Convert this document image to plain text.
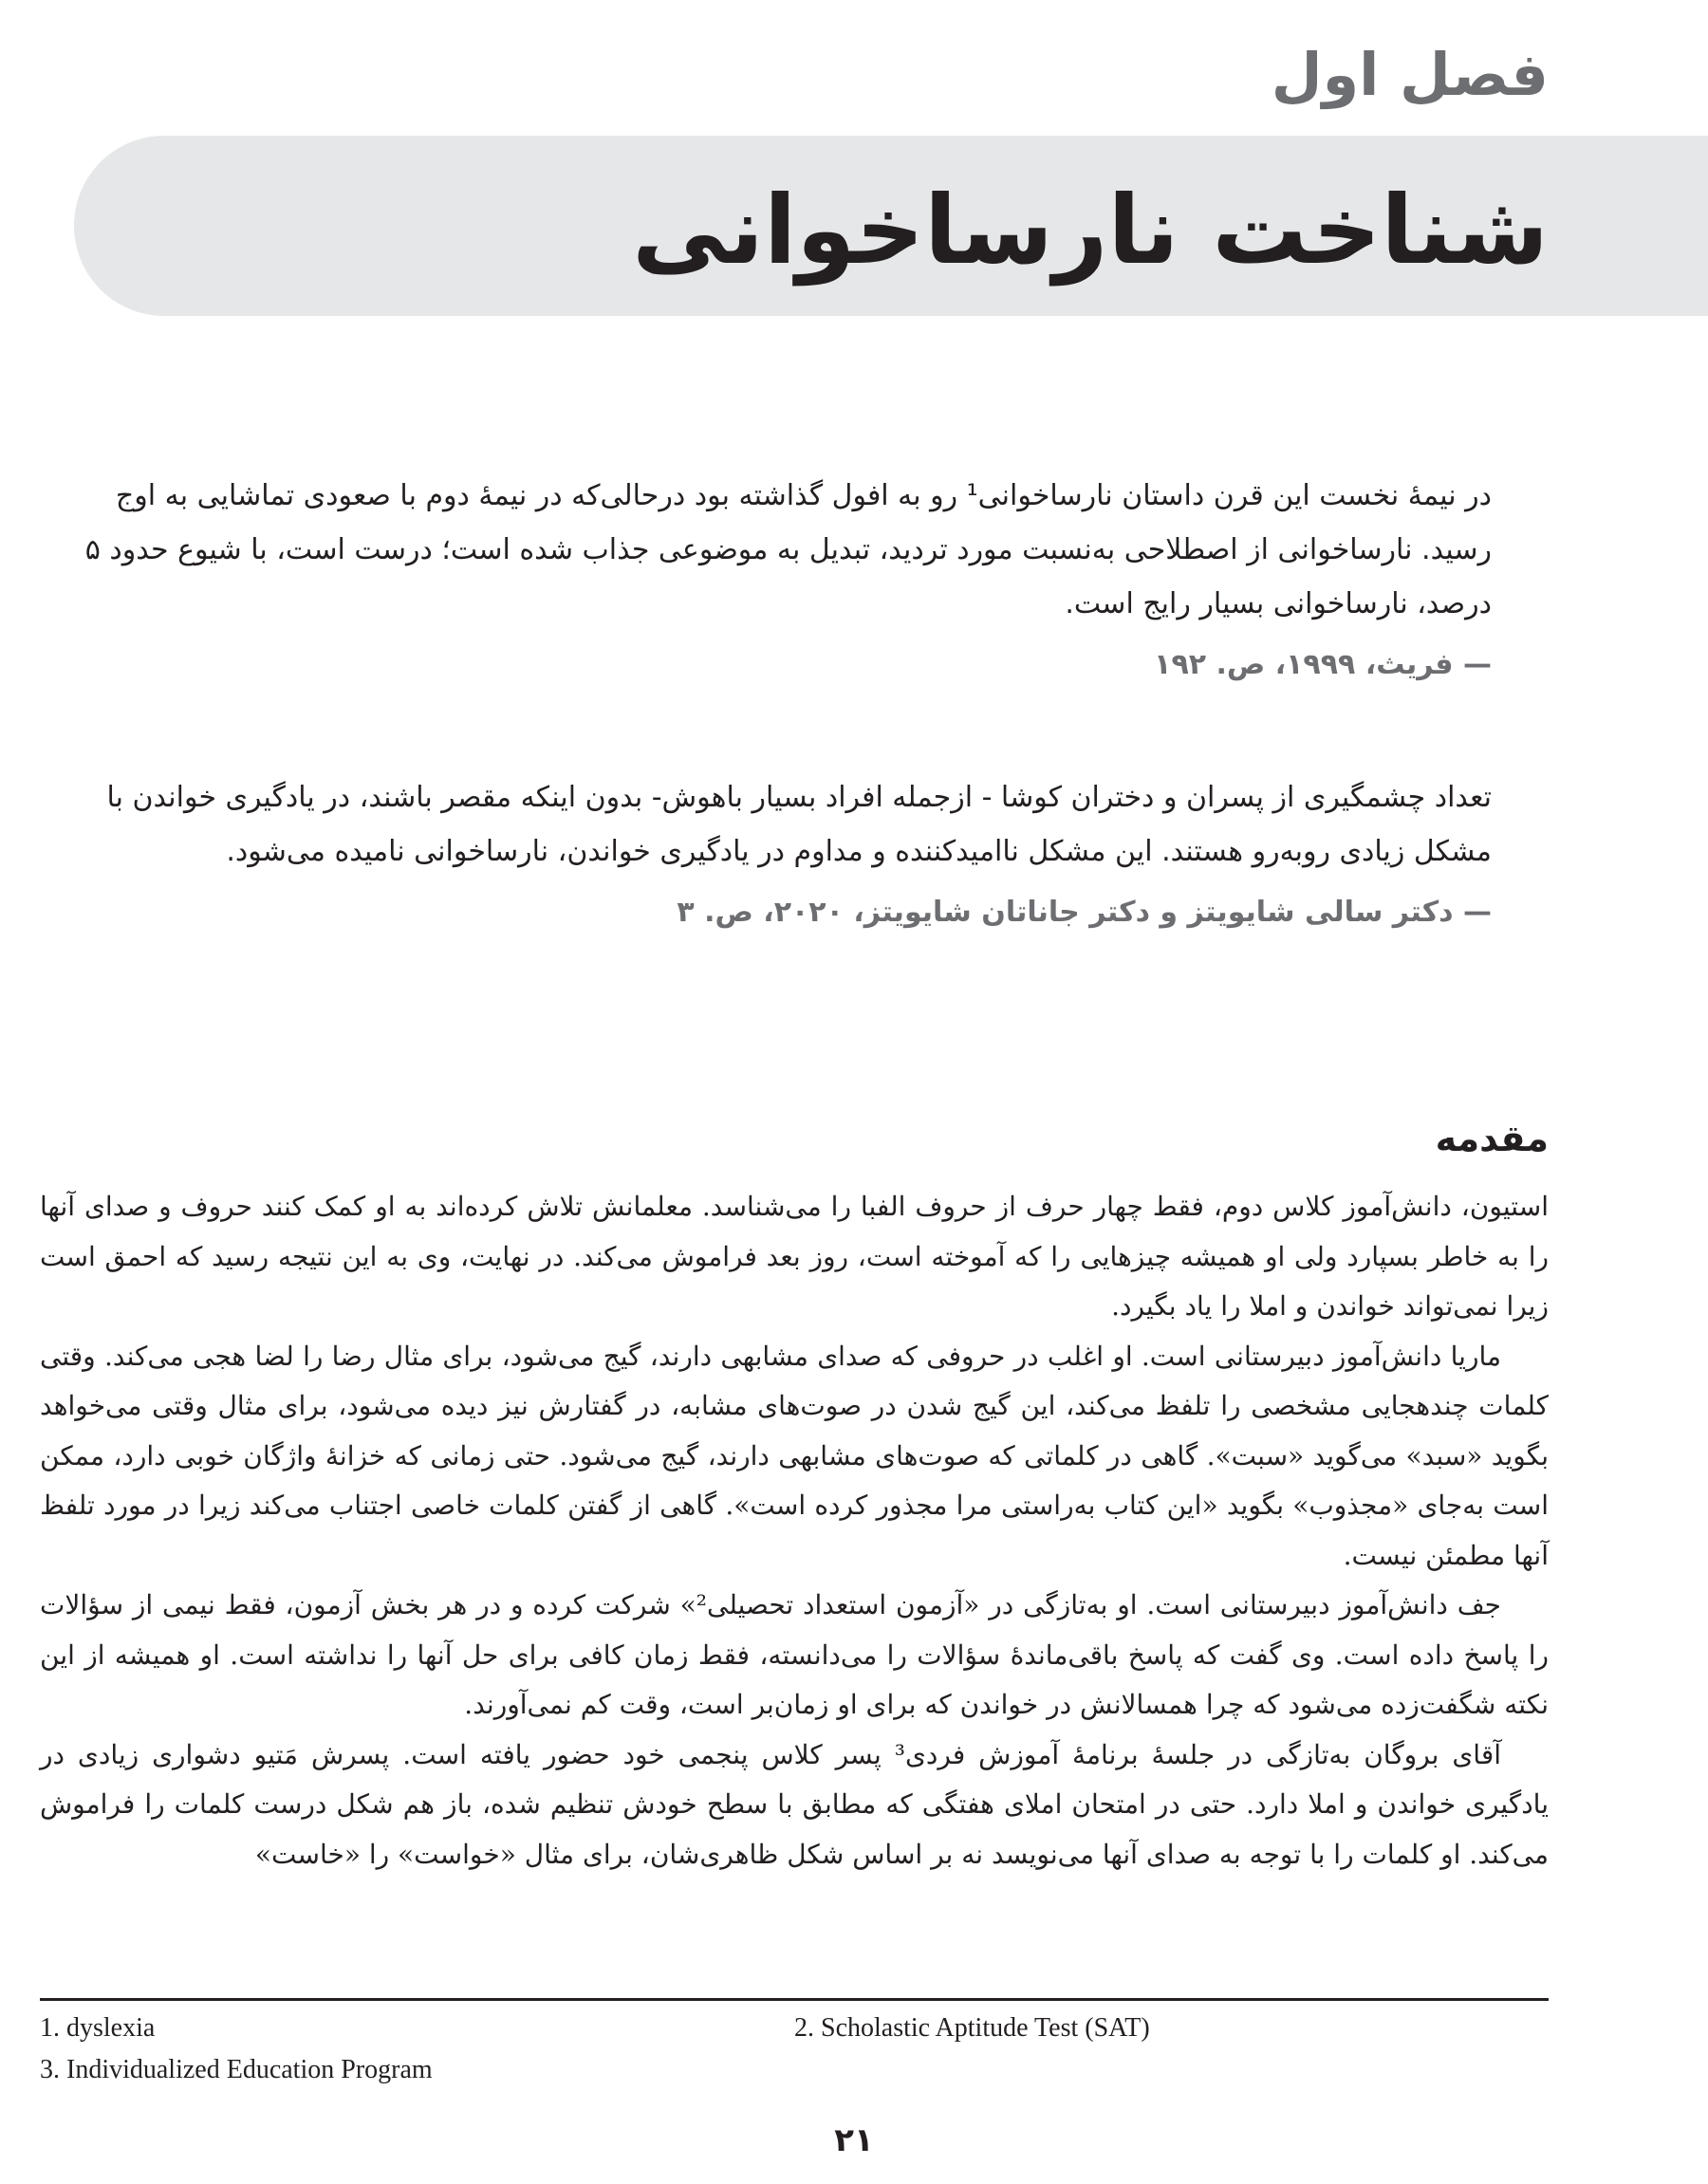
فصل اول
شناخت نارساخوانی

در نیمهٔ نخست این قرن داستان نارساخوانی¹ رو به افول گذاشته بود درحالی‌که در نیمهٔ دوم با صعودی تماشایی به اوج رسید. نارساخوانی از اصطلاحی به‌نسبت مورد تردید، تبدیل به موضوعی جذاب شده است؛ درست است، با شیوع حدود ۵ درصد، نارساخوانی بسیار رایج است.

— فریث، ۱۹۹۹، ص. ۱۹۲

تعداد چشمگیری از پسران و دختران کوشا - ازجمله افراد بسیار باهوش- بدون اینکه مقصر باشند، در یادگیری خواندن با مشکل زیادی روبه‌رو هستند. این مشکل ناامیدکننده و مداوم در یادگیری خواندن، نارساخوانی نامیده می‌شود.

— دکتر سالی شایویتز و دکتر جاناتان شایویتز، ۲۰۲۰، ص. ۳

مقدمه

استیون، دانش‌آموز کلاس دوم، فقط چهار حرف از حروف الفبا را می‌شناسد. معلمانش تلاش کرده‌اند به او کمک کنند حروف و صدای آنها را به خاطر بسپارد ولی او همیشه چیزهایی را که آموخته است، روز بعد فراموش می‌کند. در نهایت، وی به این نتیجه رسید که احمق است زیرا نمی‌تواند خواندن و املا را یاد بگیرد.

ماریا دانش‌آموز دبیرستانی است. او اغلب در حروفی که صدای مشابهی دارند، گیج می‌شود، برای مثال رضا را لضا هجی می‌کند. وقتی کلمات چندهجایی مشخصی را تلفظ می‌کند، این گیج شدن در صوت‌های مشابه، در گفتارش نیز دیده می‌شود، برای مثال وقتی می‌خواهد بگوید «سبد» می‌گوید «سبت». گاهی در کلماتی که صوت‌های مشابهی دارند، گیج می‌شود. حتی زمانی که خزانهٔ واژگان خوبی دارد، ممکن است به‌جای «مجذوب» بگوید «این کتاب به‌راستی مرا مجذور کرده است». گاهی از گفتن کلمات خاصی اجتناب می‌کند زیرا در مورد تلفظ آنها مطمئن نیست.

جف دانش‌آموز دبیرستانی است. او به‌تازگی در «آزمون استعداد تحصیلی²» شرکت کرده و در هر بخش آزمون، فقط نیمی از سؤالات را پاسخ داده است. وی گفت که پاسخ باقی‌ماندهٔ سؤالات را می‌دانسته، فقط زمان کافی برای حل آنها را نداشته است. او همیشه از این نکته شگفت‌زده می‌شود که چرا همسالانش در خواندن که برای او زمان‌بر است، وقت کم نمی‌آورند.

آقای بروگان به‌تازگی در جلسهٔ برنامهٔ آموزش فردی³ پسر کلاس پنجمی خود حضور یافته است. پسرش مَتیو دشواری زیادی در یادگیری خواندن و املا دارد. حتی در امتحان املای هفتگی که مطابق با سطح خودش تنظیم شده، باز هم شکل درست کلمات را فراموش می‌کند. او کلمات را با توجه به صدای آنها می‌نویسد نه بر اساس شکل ظاهری‌شان، برای مثال «خواست» را «خاست»

1. dyslexia	2. Scholastic Aptitude Test (SAT)
3. Individualized Education Program
۲۱
